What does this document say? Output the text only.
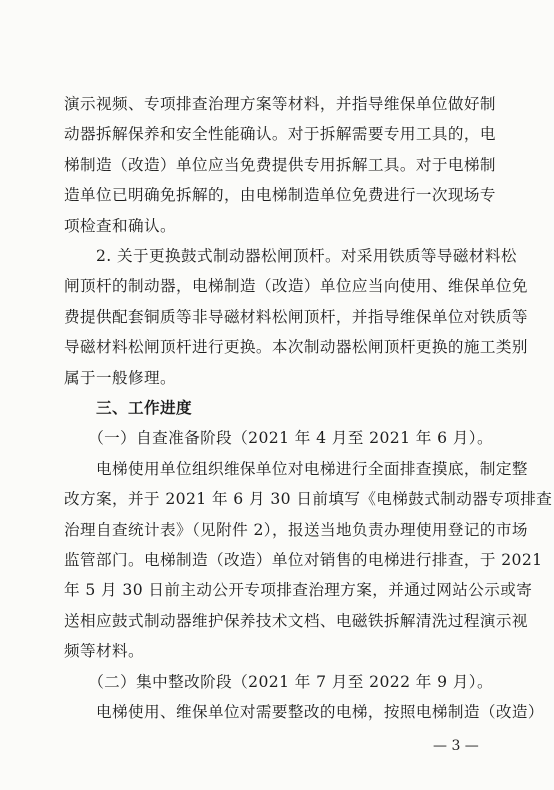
演示视频、专项排查治理方案等材料，并指导维保单位做好制
动器拆解保养和安全性能确认。对于拆解需要专用工具的，电
梯制造（改造）单位应当免费提供专用拆解工具。对于电梯制
造单位已明确免拆解的，由电梯制造单位免费进行一次现场专
项检查和确认。
　　2. 关于更换鼓式制动器松闸顶杆。对采用铁质等导磁材料松
闸顶杆的制动器，电梯制造（改造）单位应当向使用、维保单位免
费提供配套铜质等非导磁材料松闸顶杆，并指导维保单位对铁质等
导磁材料松闸顶杆进行更换。本次制动器松闸顶杆更换的施工类别
属于一般修理。
　　三、工作进度
　　（一）自查准备阶段（2021 年 4 月至 2021 年 6 月）。
　　电梯使用单位组织维保单位对电梯进行全面排查摸底，制定整
改方案，并于 2021 年 6 月 30 日前填写《电梯鼓式制动器专项排查
治理自查统计表》（见附件 2），报送当地负责办理使用登记的市场
监管部门。电梯制造（改造）单位对销售的电梯进行排查，于 2021
年 5 月 30 日前主动公开专项排查治理方案，并通过网站公示或寄
送相应鼓式制动器维护保养技术文档、电磁铁拆解清洗过程演示视
频等材料。
　　（二）集中整改阶段（2021 年 7 月至 2022 年 9 月）。
　　电梯使用、维保单位对需要整改的电梯，按照电梯制造（改造）
— 3 —
